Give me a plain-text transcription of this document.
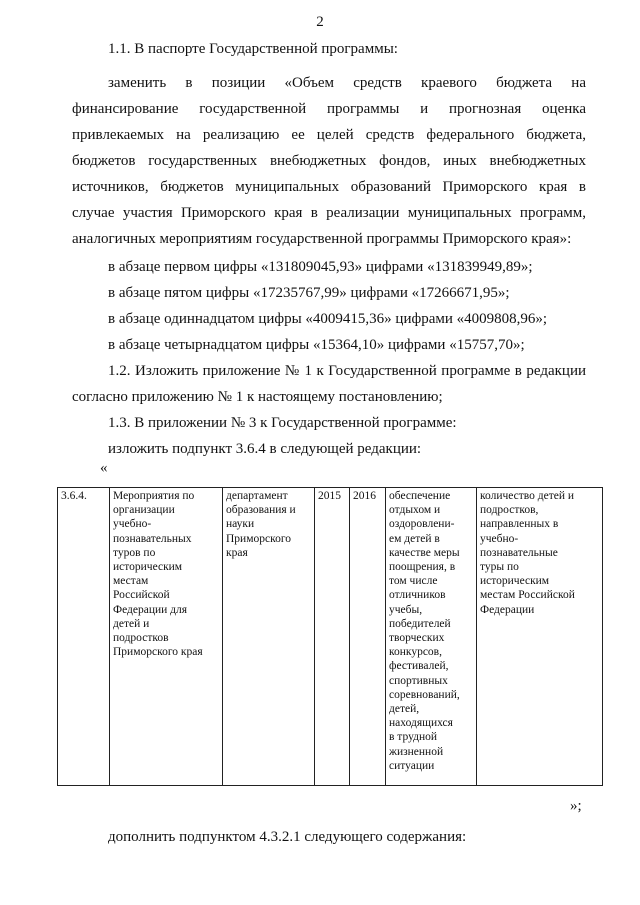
2
1.1. В паспорте Государственной программы:
заменить в позиции «Объем средств краевого бюджета на
финансирование государственной программы и прогнозная оценка
привлекаемых на реализацию ее целей средств федерального бюджета,
бюджетов государственных внебюджетных фондов, иных внебюджетных
источников, бюджетов муниципальных образований Приморского края в
случае участия Приморского края в реализации муниципальных программ,
аналогичных мероприятиям государственной программы Приморского края»:
в абзаце первом цифры «131809045,93» цифрами «131839949,89»;
в абзаце пятом цифры «17235767,99» цифрами «17266671,95»;
в абзаце одиннадцатом цифры «4009415,36» цифрами «4009808,96»;
в абзаце четырнадцатом цифры «15364,10» цифрами «15757,70»;
1.2. Изложить приложение № 1 к Государственной программе в редакции
согласно приложению № 1 к настоящему постановлению;
1.3. В приложении № 3 к Государственной программе:
изложить подпункт 3.6.4 в следующей редакции:
«
3.6.4.	Мероприятия по
организации
учебно-
познавательных
туров по
историческим
местам
Российской
Федерации для
детей и
подростков
Приморского края

департамент
образования и
науки
Приморского
края
	2015	2016	обеспечение
отдыхом и
оздоровлени-
ем детей в
качестве меры
поощрения, в
том числе
отличников
учебы,
победителей
творческих
конкурсов,
фестивалей,
спортивных
соревнований,
детей,
находящихся
в трудной
жизненной
ситуации

количество детей и
подростков,
направленных в
учебно-
познавательные
туры по
историческим
местам Российской
Федерации
»;
дополнить подпунктом 4.3.2.1 следующего содержания:
